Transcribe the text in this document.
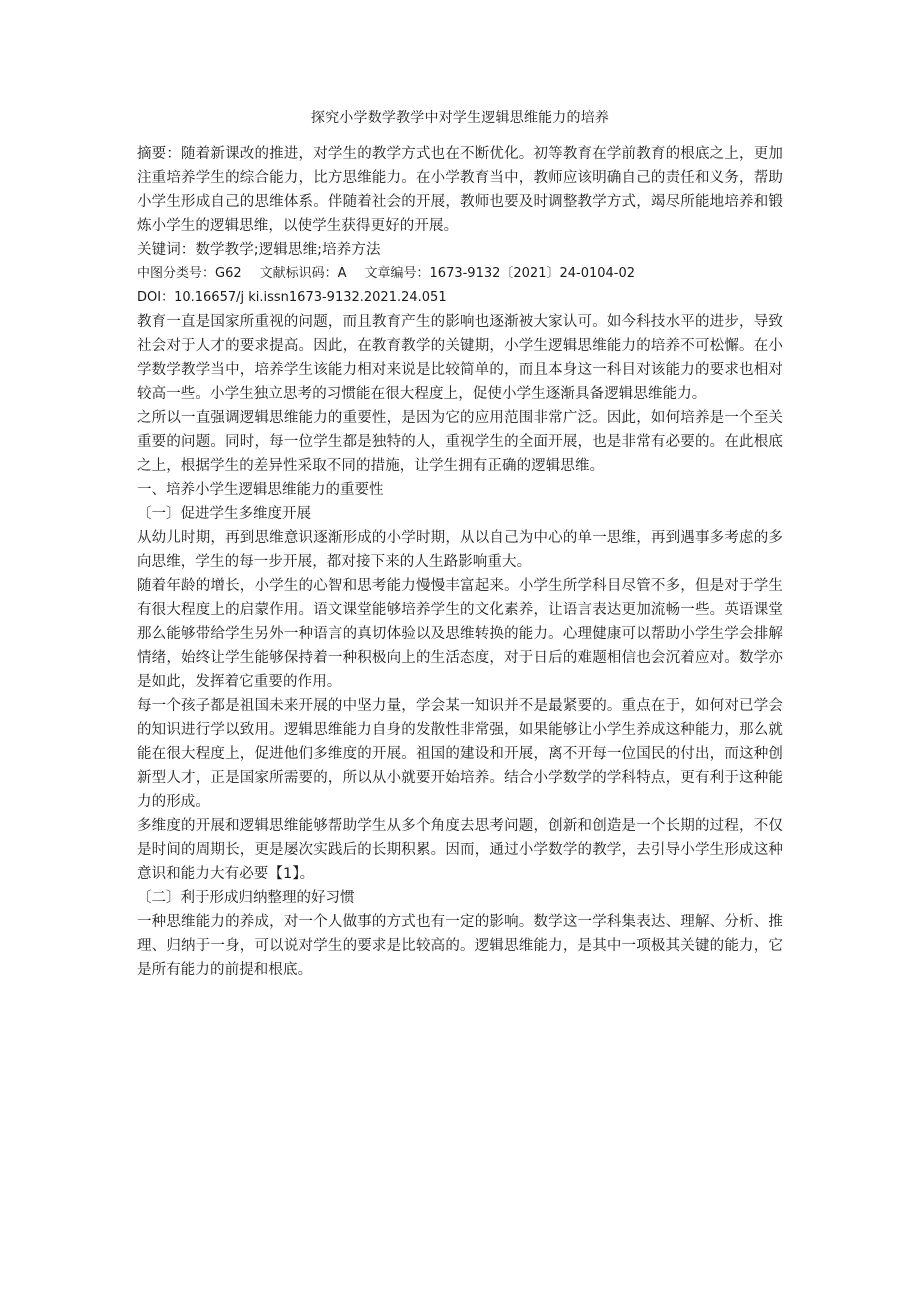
探究小学数学教学中对学生逻辑思维能力的培养

摘要：随着新课改的推进，对学生的教学方式也在不断优化。初等教育在学前教育的根底之上，更加注重培养学生的综合能力，比方思维能力。在小学教育当中，教师应该明确自己的责任和义务，帮助小学生形成自己的思维体系。伴随着社会的开展，教师也要及时调整教学方式，竭尽所能地培养和锻炼小学生的逻辑思维，以使学生获得更好的开展。

关键词：数学教学;逻辑思维;培养方法

中图分类号：G62 文献标识码：A 文章编号：1673-9132〔2021〕24-0104-02

DOI：10.16657/j ki.issn1673-9132.2021.24.051

教育一直是国家所重视的问题，而且教育产生的影响也逐渐被大家认可。如今科技水平的进步，导致社会对于人才的要求提高。因此，在教育教学的关键期，小学生逻辑思维能力的培养不可松懈。在小学数学教学当中，培养学生该能力相对来说是比较简单的，而且本身这一科目对该能力的要求也相对较高一些。小学生独立思考的习惯能在很大程度上，促使小学生逐渐具备逻辑思维能力。

之所以一直强调逻辑思维能力的重要性，是因为它的应用范围非常广泛。因此，如何培养是一个至关重要的问题。同时，每一位学生都是独特的人，重视学生的全面开展，也是非常有必要的。在此根底之上，根据学生的差异性采取不同的措施，让学生拥有正确的逻辑思维。

一、培养小学生逻辑思维能力的重要性

〔一〕促进学生多维度开展

从幼儿时期，再到思维意识逐渐形成的小学时期，从以自己为中心的单一思维，再到遇事多考虑的多向思维，学生的每一步开展，都对接下来的人生路影响重大。

随着年龄的增长，小学生的心智和思考能力慢慢丰富起来。小学生所学科目尽管不多，但是对于学生有很大程度上的启蒙作用。语文课堂能够培养学生的文化素养，让语言表达更加流畅一些。英语课堂那么能够带给学生另外一种语言的真切体验以及思维转换的能力。心理健康可以帮助小学生学会排解情绪，始终让学生能够保持着一种积极向上的生活态度，对于日后的难题相信也会沉着应对。数学亦是如此，发挥着它重要的作用。

每一个孩子都是祖国未来开展的中坚力量，学会某一知识并不是最紧要的。重点在于，如何对已学会的知识进行学以致用。逻辑思维能力自身的发散性非常强，如果能够让小学生养成这种能力，那么就能在很大程度上，促进他们多维度的开展。祖国的建设和开展，离不开每一位国民的付出，而这种创新型人才，正是国家所需要的，所以从小就要开始培养。结合小学数学的学科特点，更有利于这种能力的形成。

多维度的开展和逻辑思维能够帮助学生从多个角度去思考问题，创新和创造是一个长期的过程，不仅是时间的周期长，更是屡次实践后的长期积累。因而，通过小学数学的教学，去引导小学生形成这种意识和能力大有必要【1】。

〔二〕利于形成归纳整理的好习惯

一种思维能力的养成，对一个人做事的方式也有一定的影响。数学这一学科集表达、理解、分析、推理、归纳于一身，可以说对学生的要求是比较高的。逻辑思维能力，是其中一项极其关键的能力，它是所有能力的前提和根底。
